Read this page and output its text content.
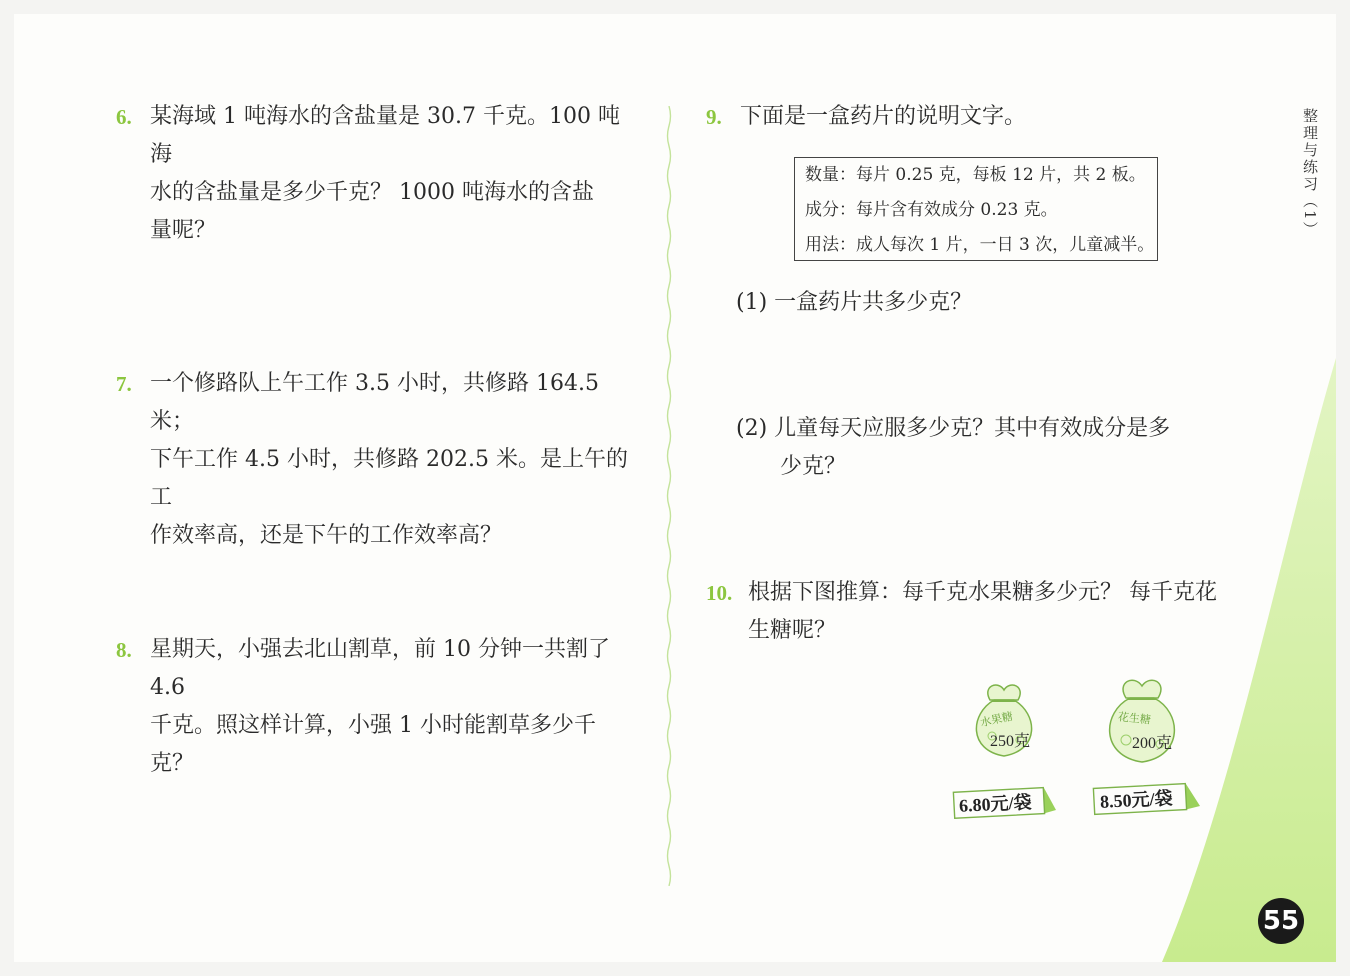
6. 某海域 1 吨海水的含盐量是 30.7 千克。100 吨海
水的含盐量是多少千克？ 1000 吨海水的含盐
量呢？
7. 一个修路队上午工作 3.5 小时，共修路 164.5 米；
下午工作 4.5 小时，共修路 202.5 米。是上午的工
作效率高，还是下午的工作效率高？
8. 星期天，小强去北山割草，前 10 分钟一共割了 4.6
千克。照这样计算，小强 1 小时能割草多少千克？
9. 下面是一盒药片的说明文字。
数量：每片 0.25 克，每板 12 片，共 2 板。
成分：每片含有效成分 0.23 克。
用法：成人每次 1 片，一日 3 次，儿童减半。
(1) 一盒药片共多少克？
(2) 儿童每天应服多少克？其中有效成分是多
少克？
10. 根据下图推算：每千克水果糖多少元？ 每千克花
生糖呢？
水果糖
250克
花生糖
200克
6.80元/袋	8.50元/袋
整理与练习（1）
55
